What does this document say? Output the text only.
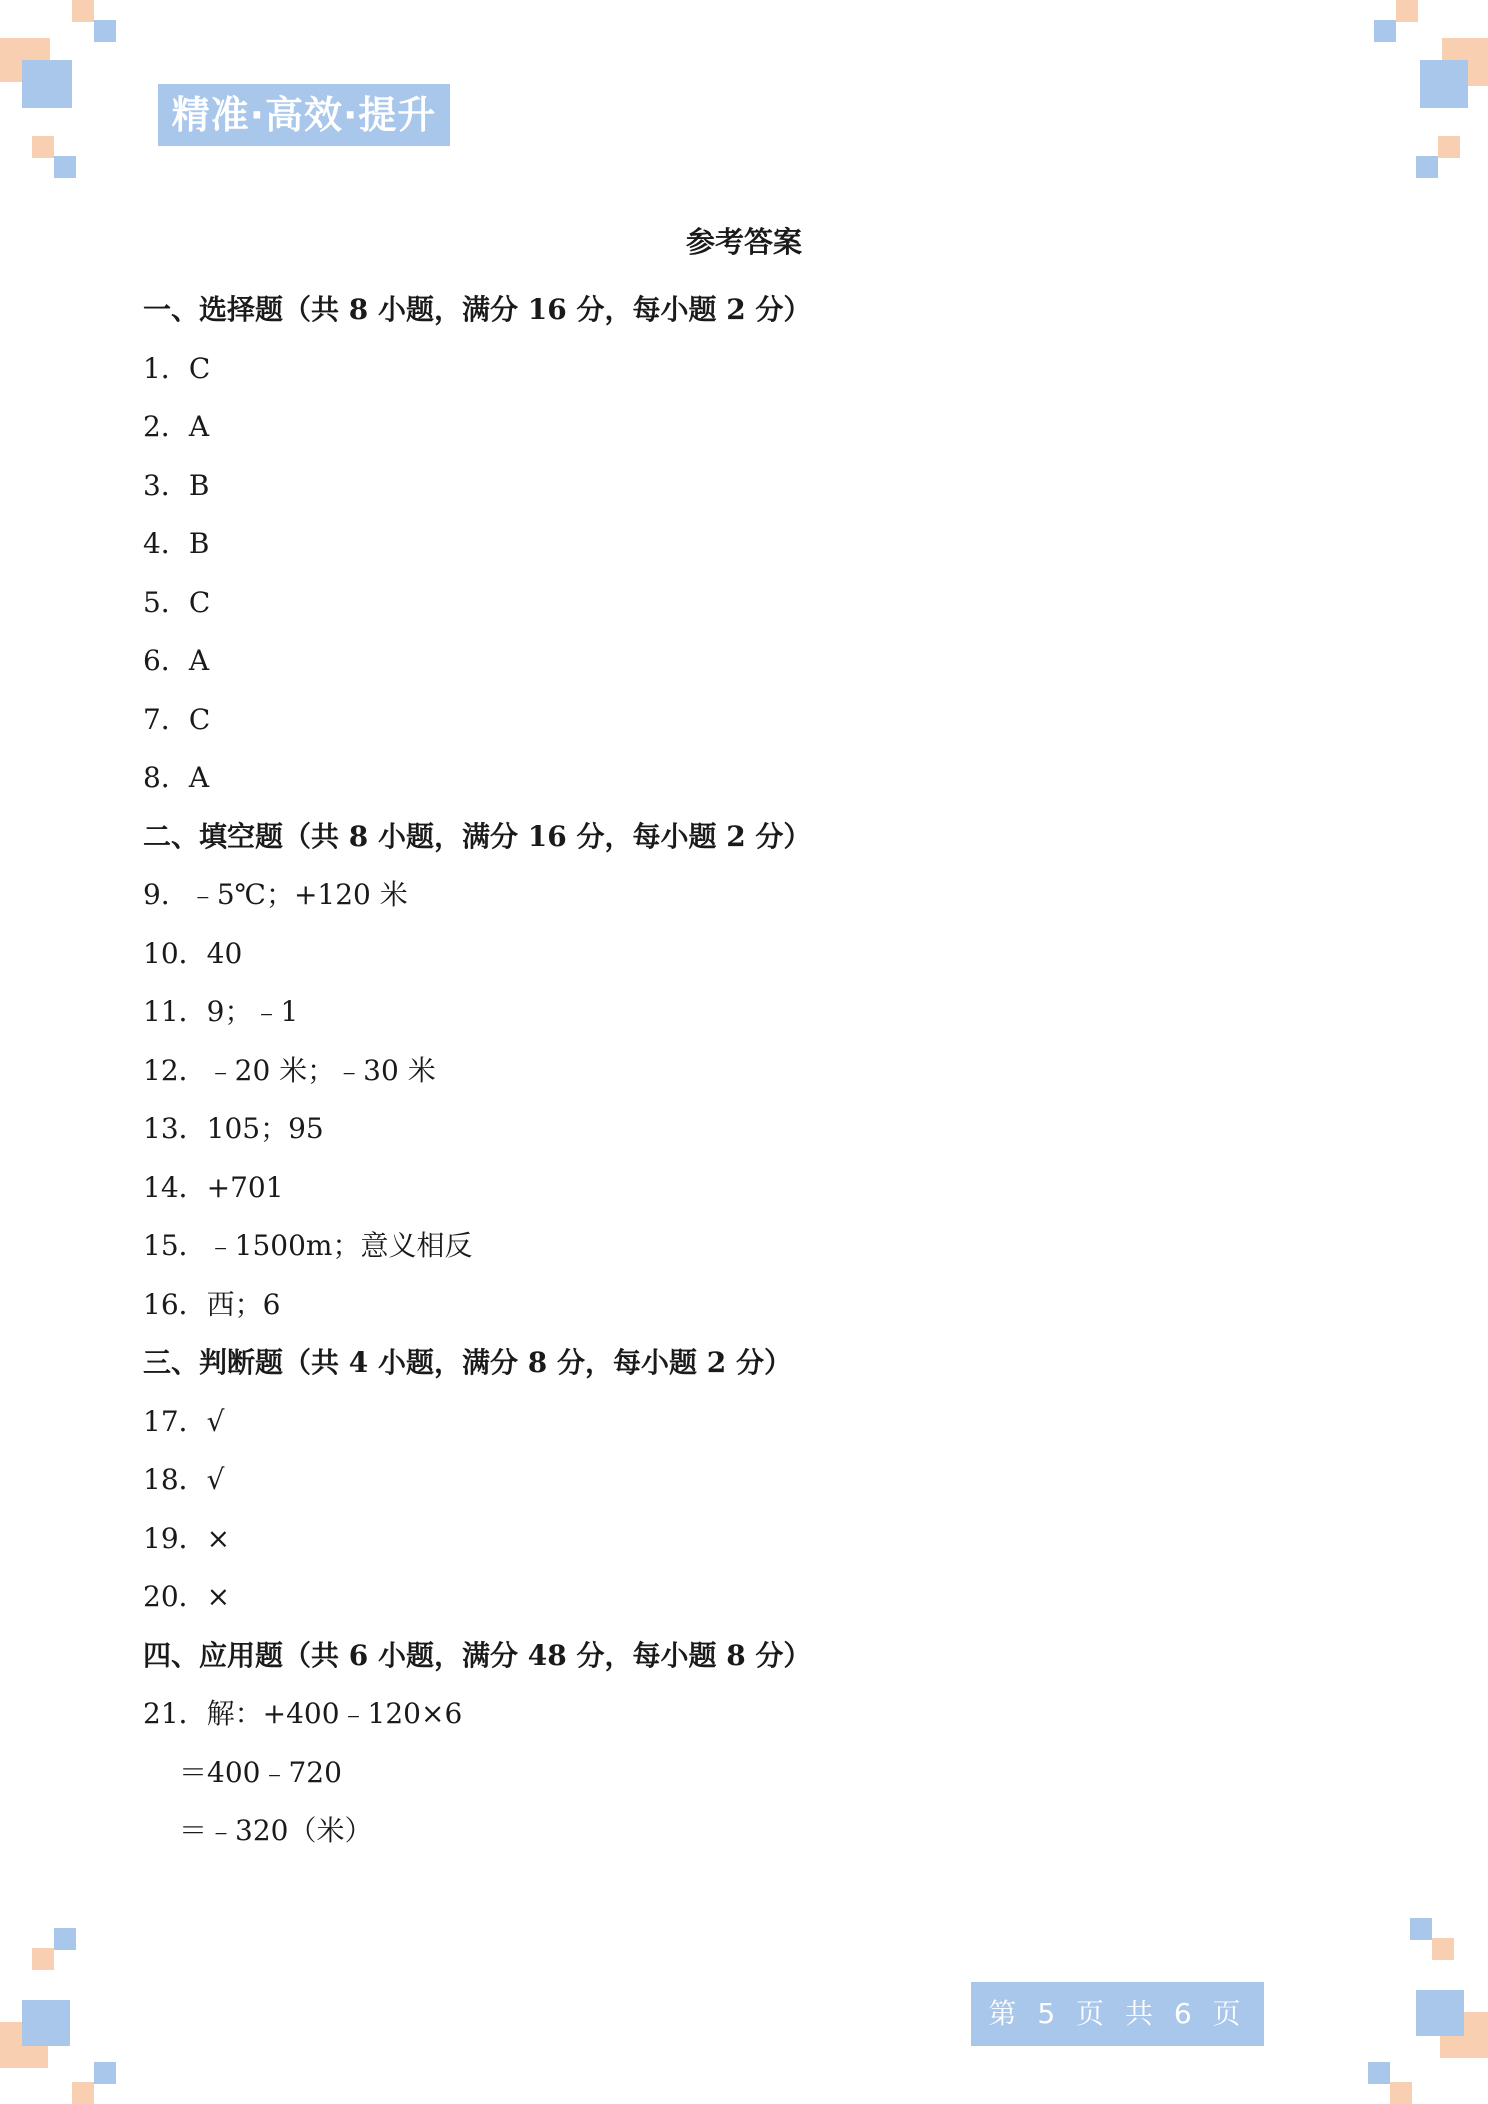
精准·高效·提升
参考答案
一、选择题（共 8 小题，满分 16 分，每小题 2 分）
1．C
2．A
3．B
4．B
5．C
6．A
7．C
8．A
二、填空题（共 8 小题，满分 16 分，每小题 2 分）
9．﹣5℃；+120 米
10．40
11．9；﹣1
12．﹣20 米；﹣30 米
13．105；95
14．+701
15．﹣1500m；意义相反
16．西；6
三、判断题（共 4 小题，满分 8 分，每小题 2 分）
17．√
18．√
19．×
20．×
四、应用题（共 6 小题，满分 48 分，每小题 8 分）
21．解：+400﹣120×6
＝400﹣720
＝﹣320（米）
第 5 页 共 6 页
